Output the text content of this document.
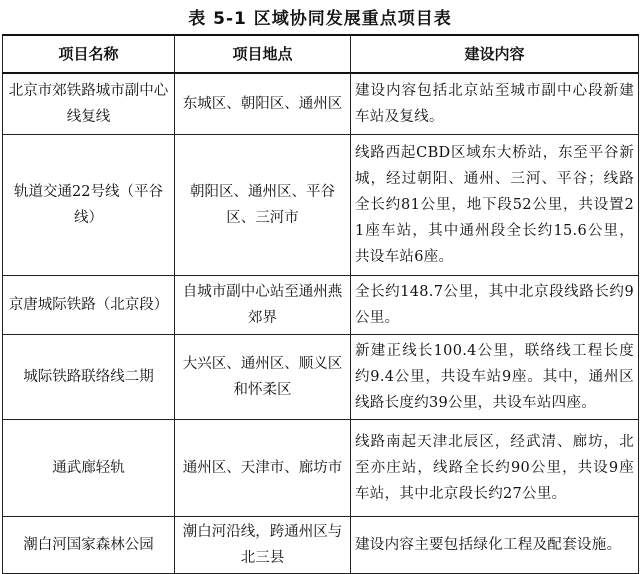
表 5-1 区域协同发展重点项目表
项目名称	项目地点	建设内容
北京市郊铁路城市副中心线复线	东城区、朝阳区、通州区	建设内容包括北京站至城市副中心段新建车站及复线。
轨道交通22号线（平谷线）	朝阳区、通州区、平谷区、三河市	线路西起CBD区域东大桥站，东至平谷新城，经过朝阳、通州、三河、平谷；线路全长约81公里，地下段52公里，共设置21座车站，其中通州段全长约15.6公里，共设车站6座。
京唐城际铁路（北京段）	自城市副中心站至通州燕郊界	全长约148.7公里，其中北京段线路长约9公里。
城际铁路联络线二期	大兴区、通州区、顺义区和怀柔区	新建正线长100.4公里，联络线工程长度约9.4公里，共设车站9座。其中，通州区线路长度约39公里，共设车站四座。
通武廊轻轨	通州区、天津市、廊坊市	线路南起天津北辰区，经武清、廊坊，北至亦庄站，线路全长约90公里，共设9座车站，其中北京段长约27公里。
潮白河国家森林公园	潮白河沿线，跨通州区与北三县	建设内容主要包括绿化工程及配套设施。
